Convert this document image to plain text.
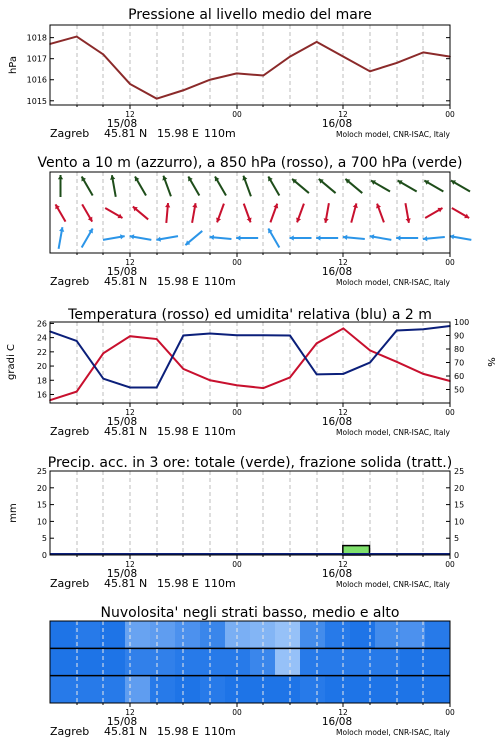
Pressione al livello medio del mare
1015
1016
1017
1018
hPa
12	00	12	00
15/08	16/08
Zagreb 45.81 N 15.98 E 110m	Moloch model, CNR-ISAC, Italy
Vento a 10 m (azzurro), a 850 hPa (rosso), a 700 hPa (verde)
12	00	12	00
15/08	16/08
Zagreb 45.81 N 15.98 E 110m	Moloch model, CNR-ISAC, Italy
Temperatura (rosso) ed umidita' relativa (blu) a 2 m
16
18
20
22
24
26
50
60
70
80
90
100
gradi C	%
12	00	12	00
15/08	16/08
Zagreb 45.81 N 15.98 E 110m	Moloch model, CNR-ISAC, Italy
Precip. acc. in 3 ore: totale (verde), frazione solida (tratt.)
0
5
10
15
20
25
0
5
10
15
20
25
mm
12	00	12	00
15/08	16/08
Zagreb 45.81 N 15.98 E 110m	Moloch model, CNR-ISAC, Italy
Nuvolosita' negli strati basso, medio e alto
12	00	12	00
15/08	16/08
Zagreb 45.81 N 15.98 E 110m	Moloch model, CNR-ISAC, Italy
